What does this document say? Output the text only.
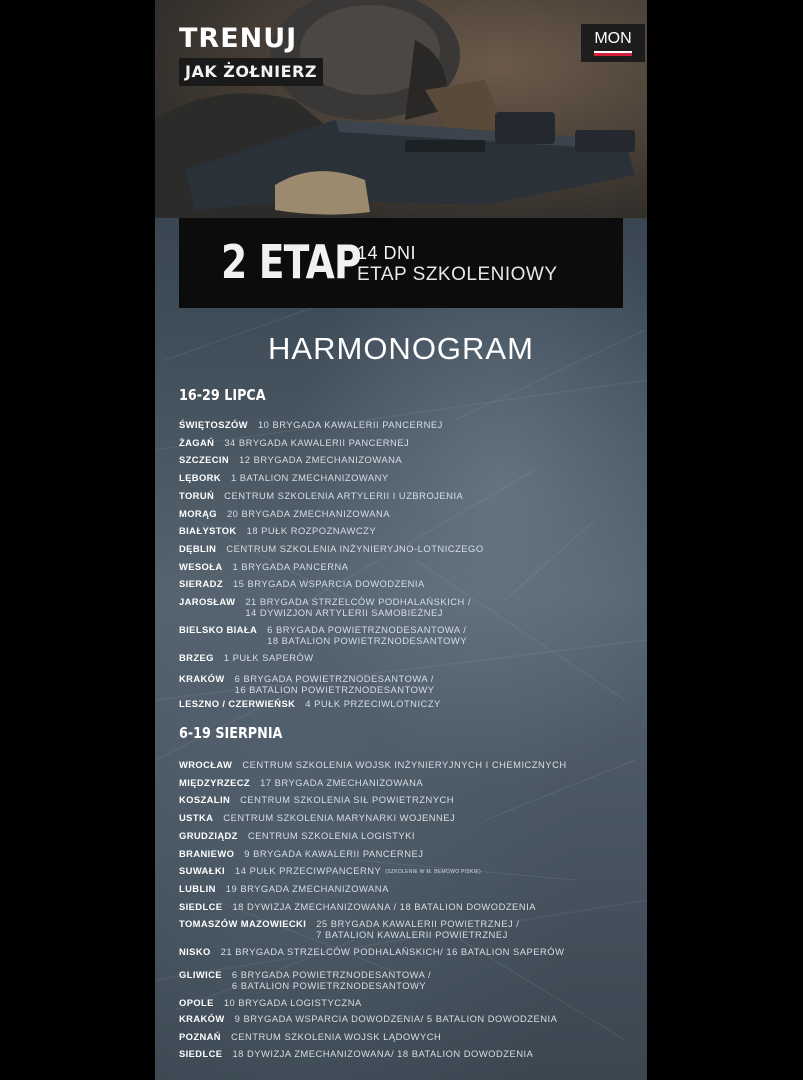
TRENUJ
JAK ŻOŁNIERZ
MON
2 ETAP
14 DNI
ETAP SZKOLENIOWY
HARMONOGRAM
16-29 LIPCA
ŚWIĘTOSZÓW 10 BRYGADA KAWALERII PANCERNEJ
ŻAGAŃ 34 BRYGADA KAWALERII PANCERNEJ
SZCZECIN 12 BRYGADA ZMECHANIZOWANA
LĘBORK 1 BATALION ZMECHANIZOWANY
TORUŃ CENTRUM SZKOLENIA ARTYLERII I UZBROJENIA
MORĄG 20 BRYGADA ZMECHANIZOWANA
BIAŁYSTOK 18 PUŁK ROZPOZNAWCZY
DĘBLIN CENTRUM SZKOLENIA INŻYNIERYJNO-LOTNICZEGO
WESOŁA 1 BRYGADA PANCERNA
SIERADZ 15 BRYGADA WSPARCIA DOWODZENIA
JAROSŁAW 21 BRYGADA STRZELCÓW PODHALAŃSKICH /
14 DYWIZJON ARTYLERII SAMOBIEŻNEJ
BIELSKO BIAŁA 6 BRYGADA POWIETRZNODESANTOWA /
18 BATALION POWIETRZNODESANTOWY
BRZEG 1 PUŁK SAPERÓW
KRAKÓW 6 BRYGADA POWIETRZNODESANTOWA /
16 BATALION POWIETRZNODESANTOWY
LESZNO / CZERWIEŃSK 4 PUŁK PRZECIWLOTNICZY
6-19 SIERPNIA
WROCŁAW CENTRUM SZKOLENIA WOJSK INŻYNIERYJNYCH I CHEMICZNYCH
MIĘDZYRZECZ 17 BRYGADA ZMECHANIZOWANA
KOSZALIN CENTRUM SZKOLENIA SIŁ POWIETRZNYCH
USTKA CENTRUM SZKOLENIA MARYNARKI WOJENNEJ
GRUDZIĄDZ CENTRUM SZKOLENIA LOGISTYKI
BRANIEWO 9 BRYGADA KAWALERII PANCERNEJ
SUWAŁKI 14 PUŁK PRZECIWPANCERNY (SZKOLENIE W M. BEMOWO PISKIE)
LUBLIN 19 BRYGADA ZMECHANIZOWANA
SIEDLCE 18 DYWIZJA ZMECHANIZOWANA / 18 BATALION DOWODZENIA
TOMASZÓW MAZOWIECKI 25 BRYGADA KAWALERII POWIETRZNEJ /
7 BATALION KAWALERII POWIETRZNEJ
NISKO 21 BRYGADA STRZELCÓW PODHALAŃSKICH/ 16 BATALION SAPERÓW
GLIWICE 6 BRYGADA POWIETRZNODESANTOWA /
6 BATALION POWIETRZNODESANTOWY
OPOLE 10 BRYGADA LOGISTYCZNA
KRAKÓW 9 BRYGADA WSPARCIA DOWODZENIA/ 5 BATALION DOWODZENIA
POZNAŃ CENTRUM SZKOLENIA WOJSK LĄDOWYCH
SIEDLCE 18 DYWIZJA ZMECHANIZOWANA/ 18 BATALION DOWODZENIA
